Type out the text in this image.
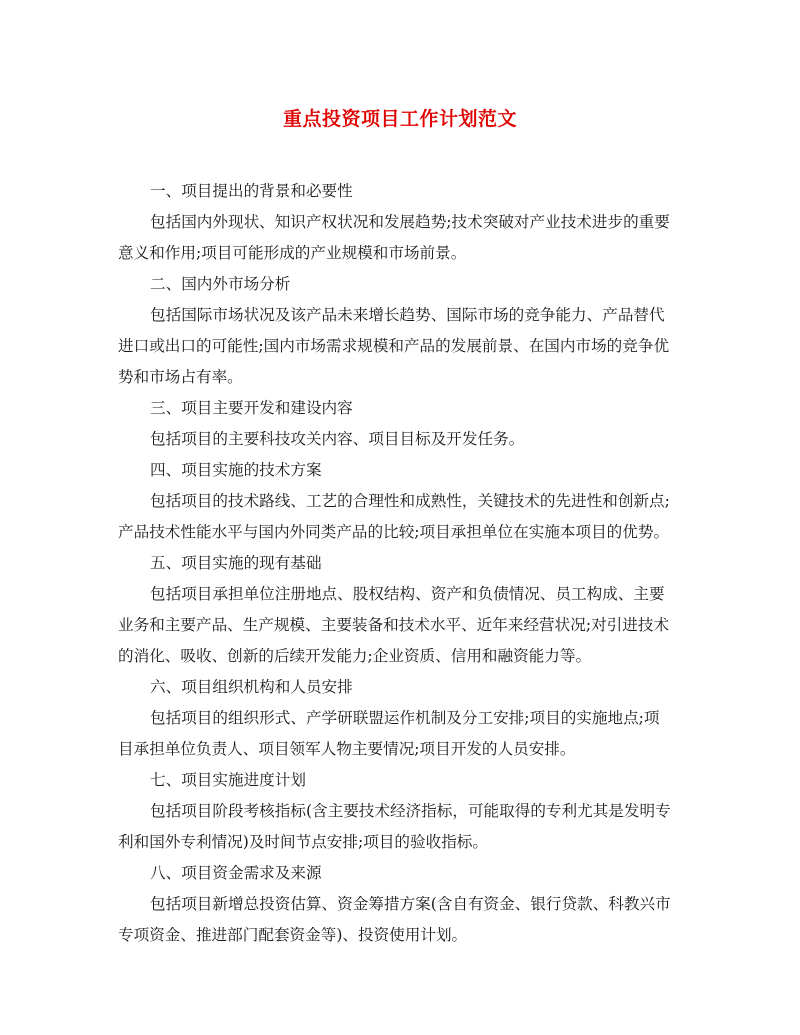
重点投资项目工作计划范文
一、项目提出的背景和必要性
包括国内外现状、知识产权状况和发展趋势;技术突破对产业技术进步的重要
意义和作用;项目可能形成的产业规模和市场前景。
二、国内外市场分析
包括国际市场状况及该产品未来增长趋势、国际市场的竞争能力、产品替代
进口或出口的可能性;国内市场需求规模和产品的发展前景、在国内市场的竞争优
势和市场占有率。
三、项目主要开发和建设内容
包括项目的主要科技攻关内容、项目目标及开发任务。
四、项目实施的技术方案
包括项目的技术路线、工艺的合理性和成熟性，关键技术的先进性和创新点;
产品技术性能水平与国内外同类产品的比较;项目承担单位在实施本项目的优势。
五、项目实施的现有基础
包括项目承担单位注册地点、股权结构、资产和负债情况、员工构成、主要
业务和主要产品、生产规模、主要装备和技术水平、近年来经营状况;对引进技术
的消化、吸收、创新的后续开发能力;企业资质、信用和融资能力等。
六、项目组织机构和人员安排
包括项目的组织形式、产学研联盟运作机制及分工安排;项目的实施地点;项
目承担单位负责人、项目领军人物主要情况;项目开发的人员安排。
七、项目实施进度计划
包括项目阶段考核指标(含主要技术经济指标，可能取得的专利尤其是发明专
利和国外专利情况)及时间节点安排;项目的验收指标。
八、项目资金需求及来源
包括项目新增总投资估算、资金筹措方案(含自有资金、银行贷款、科教兴市
专项资金、推进部门配套资金等)、投资使用计划。
